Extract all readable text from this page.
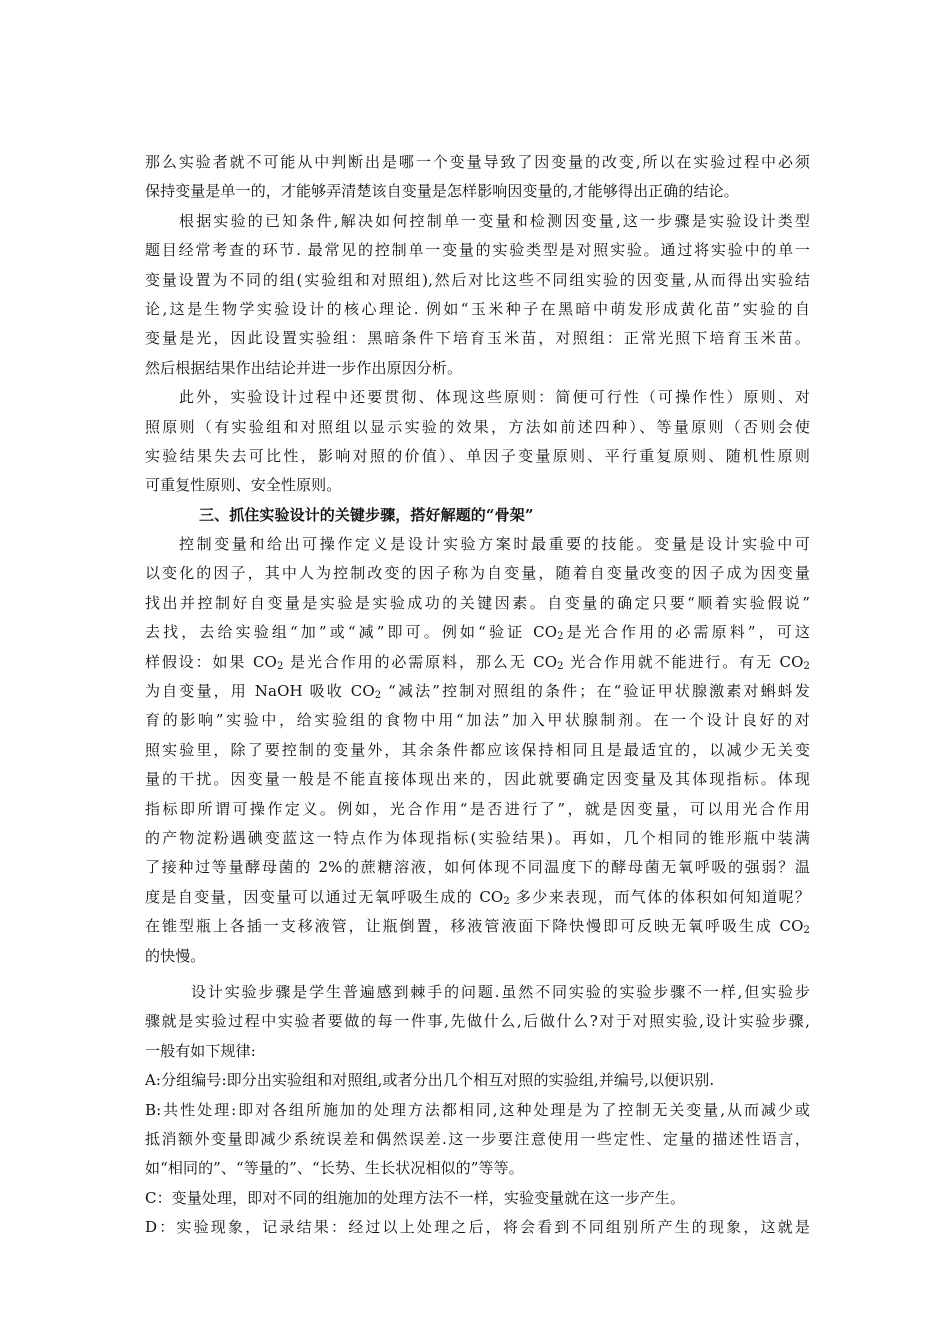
那么实验者就不可能从中判断出是哪一个变量导致了因变量的改变,所以在实验过程中必须
保持变量是单一的，才能够弄清楚该自变量是怎样影响因变量的,才能够得出正确的结论。
根据实验的已知条件,解决如何控制单一变量和检测因变量,这一步骤是实验设计类型
题目经常考查的环节. 最常见的控制单一变量的实验类型是对照实验。通过将实验中的单一
变量设置为不同的组(实验组和对照组),然后对比这些不同组实验的因变量,从而得出实验结
论,这是生物学实验设计的核心理论. 例如“玉米种子在黑暗中萌发形成黄化苗”实验的自
变量是光，因此设置实验组：黑暗条件下培育玉米苗，对照组：正常光照下培育玉米苗。
然后根据结果作出结论并进一步作出原因分析。
此外，实验设计过程中还要贯彻、体现这些原则：简便可行性（可操作性）原则、对
照原则（有实验组和对照组以显示实验的效果，方法如前述四种）、等量原则（否则会使
实验结果失去可比性，影响对照的价值）、单因子变量原则、平行重复原则、随机性原则
可重复性原则、安全性原则。
三、抓住实验设计的关键步骤，搭好解题的“骨架”
控制变量和给出可操作定义是设计实验方案时最重要的技能。变量是设计实验中可
以变化的因子，其中人为控制改变的因子称为自变量，随着自变量改变的因子成为因变量
找出并控制好自变量是实验是实验成功的关键因素。自变量的确定只要“顺着实验假说”
去找，去给实验组“加”或“减”即可。例如“验证 $CO_2$是光合作用的必需原料”，可这
样假设：如果 $CO_2$ 是光合作用的必需原料，那么无 $CO_2$ 光合作用就不能进行。有无 $CO_2$
为自变量，用 NaOH 吸收 $CO_2$ “减法”控制对照组的条件；在“验证甲状腺激素对蝌蚪发
育的影响”实验中，给实验组的食物中用“加法”加入甲状腺制剂。在一个设计良好的对
照实验里，除了要控制的变量外，其余条件都应该保持相同且是最适宜的，以减少无关变
量的干扰。因变量一般是不能直接体现出来的，因此就要确定因变量及其体现指标。体现
指标即所谓可操作定义。例如，光合作用“是否进行了”，就是因变量，可以用光合作用
的产物淀粉遇碘变蓝这一特点作为体现指标(实验结果)。再如，几个相同的锥形瓶中装满
了接种过等量酵母菌的 2%的蔗糖溶液，如何体现不同温度下的酵母菌无氧呼吸的强弱？温
度是自变量，因变量可以通过无氧呼吸生成的 $CO_2$ 多少来表现，而气体的体积如何知道呢？
在锥型瓶上各插一支移液管，让瓶倒置，移液管液面下降快慢即可反映无氧呼吸生成 $CO_2$
的快慢。
设计实验步骤是学生普遍感到棘手的问题.虽然不同实验的实验步骤不一样,但实验步
骤就是实验过程中实验者要做的每一件事,先做什么,后做什么?对于对照实验,设计实验步骤,
一般有如下规律:
A:分组编号:即分出实验组和对照组,或者分出几个相互对照的实验组,并编号,以便识别.
B:共性处理:即对各组所施加的处理方法都相同,这种处理是为了控制无关变量,从而减少或
抵消额外变量即减少系统误差和偶然误差.这一步要注意使用一些定性、定量的描述性语言，
如“相同的”、“等量的”、“长势、生长状况相似的”等等。
C：变量处理，即对不同的组施加的处理方法不一样，实验变量就在这一步产生。
D：实验现象，记录结果：经过以上处理之后，将会看到不同组别所产生的现象，这就是
